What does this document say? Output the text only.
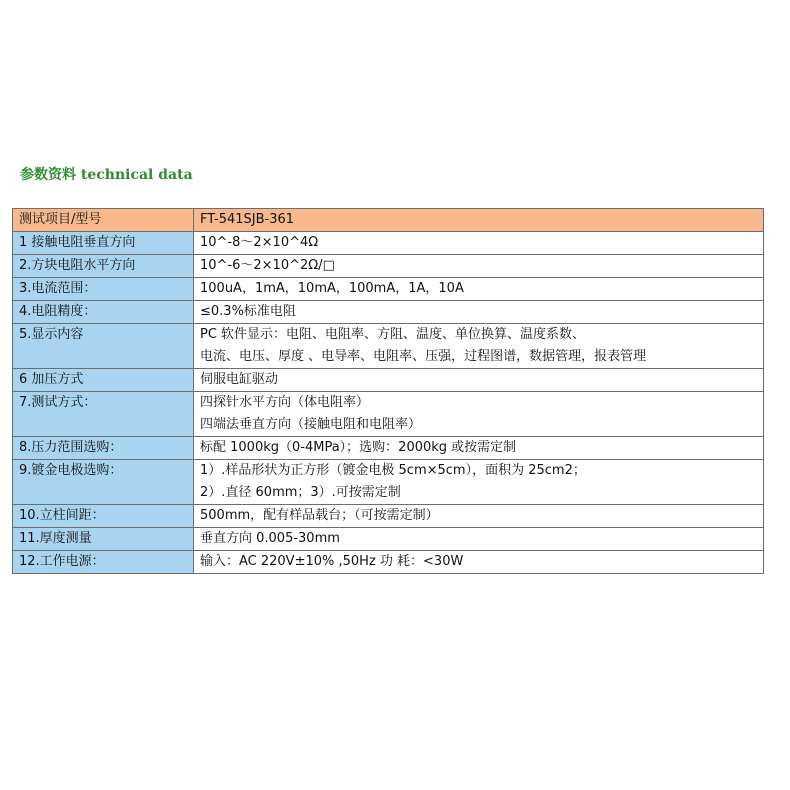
参数资料 technical data
测试项目/型号	FT-541SJB-361
1 接触电阻垂直方向	10^-8～2×10^4Ω

2.方块电阻水平方向	10^-6～2×10^2Ω/□

3.电流范围：	100uA，1mA，10mA，100mA，1A，10A

4.电阻精度：	≤0.3%标准电阻

5.显示内容	PC 软件显示：电阻、电阻率、方阻、温度、单位换算、温度系数、
电流、电压、厚度 、电导率、电阻率、压强，过程图谱，数据管理，报表管理

6 加压方式	伺服电缸驱动

7.测试方式：	四探针水平方向（体电阻率）
四端法垂直方向（接触电阻和电阻率）

8.压力范围选购：	标配 1000kg（0-4MPa）；选购：2000kg 或按需定制

9.镀金电极选购：	1）.样品形状为正方形（镀金电极 5cm×5cm），面积为 25cm2；
2）.直径 60mm；3）.可按需定制

10.立柱间距：	500mm，配有样品载台；（可按需定制）

11.厚度测量	垂直方向 0.005-30mm

12.工作电源：	输入：AC 220V±10% ,50Hz 功 耗：<30W
